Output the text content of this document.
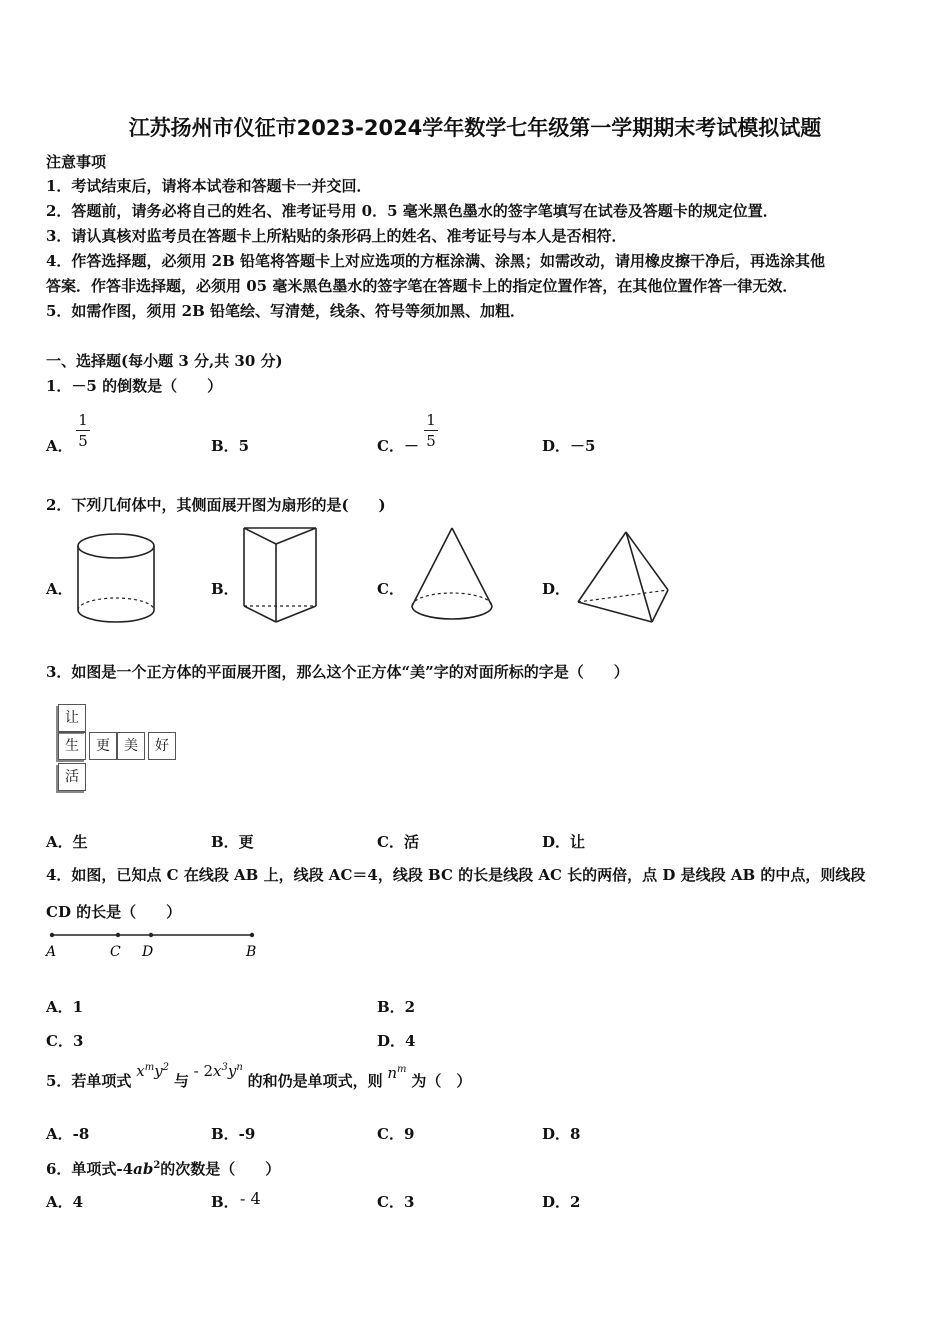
江苏扬州市仪征市2023-2024学年数学七年级第一学期期末考试模拟试题
注意事项
1．考试结束后，请将本试卷和答题卡一并交回．
2．答题前，请务必将自己的姓名、准考证号用 0．5 毫米黑色墨水的签字笔填写在试卷及答题卡的规定位置．
3．请认真核对监考员在答题卡上所粘贴的条形码上的姓名、准考证号与本人是否相符．
4．作答选择题，必须用 2B 铅笔将答题卡上对应选项的方框涂满、涂黑；如需改动，请用橡皮擦干净后，再选涂其他
答案．作答非选择题，必须用 05 毫米黑色墨水的签字笔在答题卡上的指定位置作答，在其他位置作答一律无效．
5．如需作图，须用 2B 铅笔绘、写清楚，线条、符号等须加黑、加粗．
一、选择题(每小题 3 分,共 30 分)
1．－5 的倒数是（　　）
A．
1
5	B．5	C．－
1
5	D．－5
2．下列几何体中，其侧面展开图为扇形的是(　　)
A．	B．	C．	D．
3．如图是一个正方体的平面展开图，那么这个正方体“美”字的对面所标的字是（　　）
让
生	更	美	好
活
A．生	B．更	C．活	D．让
4．如图，已知点 C 在线段 AB 上，线段 AC＝4，线段 BC 的长是线段 AC 长的两倍，点 D 是线段 AB 的中点，则线段
CD 的长是（　　）
A	C D	B
A．1	B．2
C．3	D．4
5．若单项式 $x^my^2$ 与 - $2x^3y^n$ 的和仍是单项式，则 $n^m$ 为（　）
A．-8	B．-9	C．9	D．8
6．单项式$-4ab^2$的次数是（　　）
A．4	B． - 4	C．3	D．2
